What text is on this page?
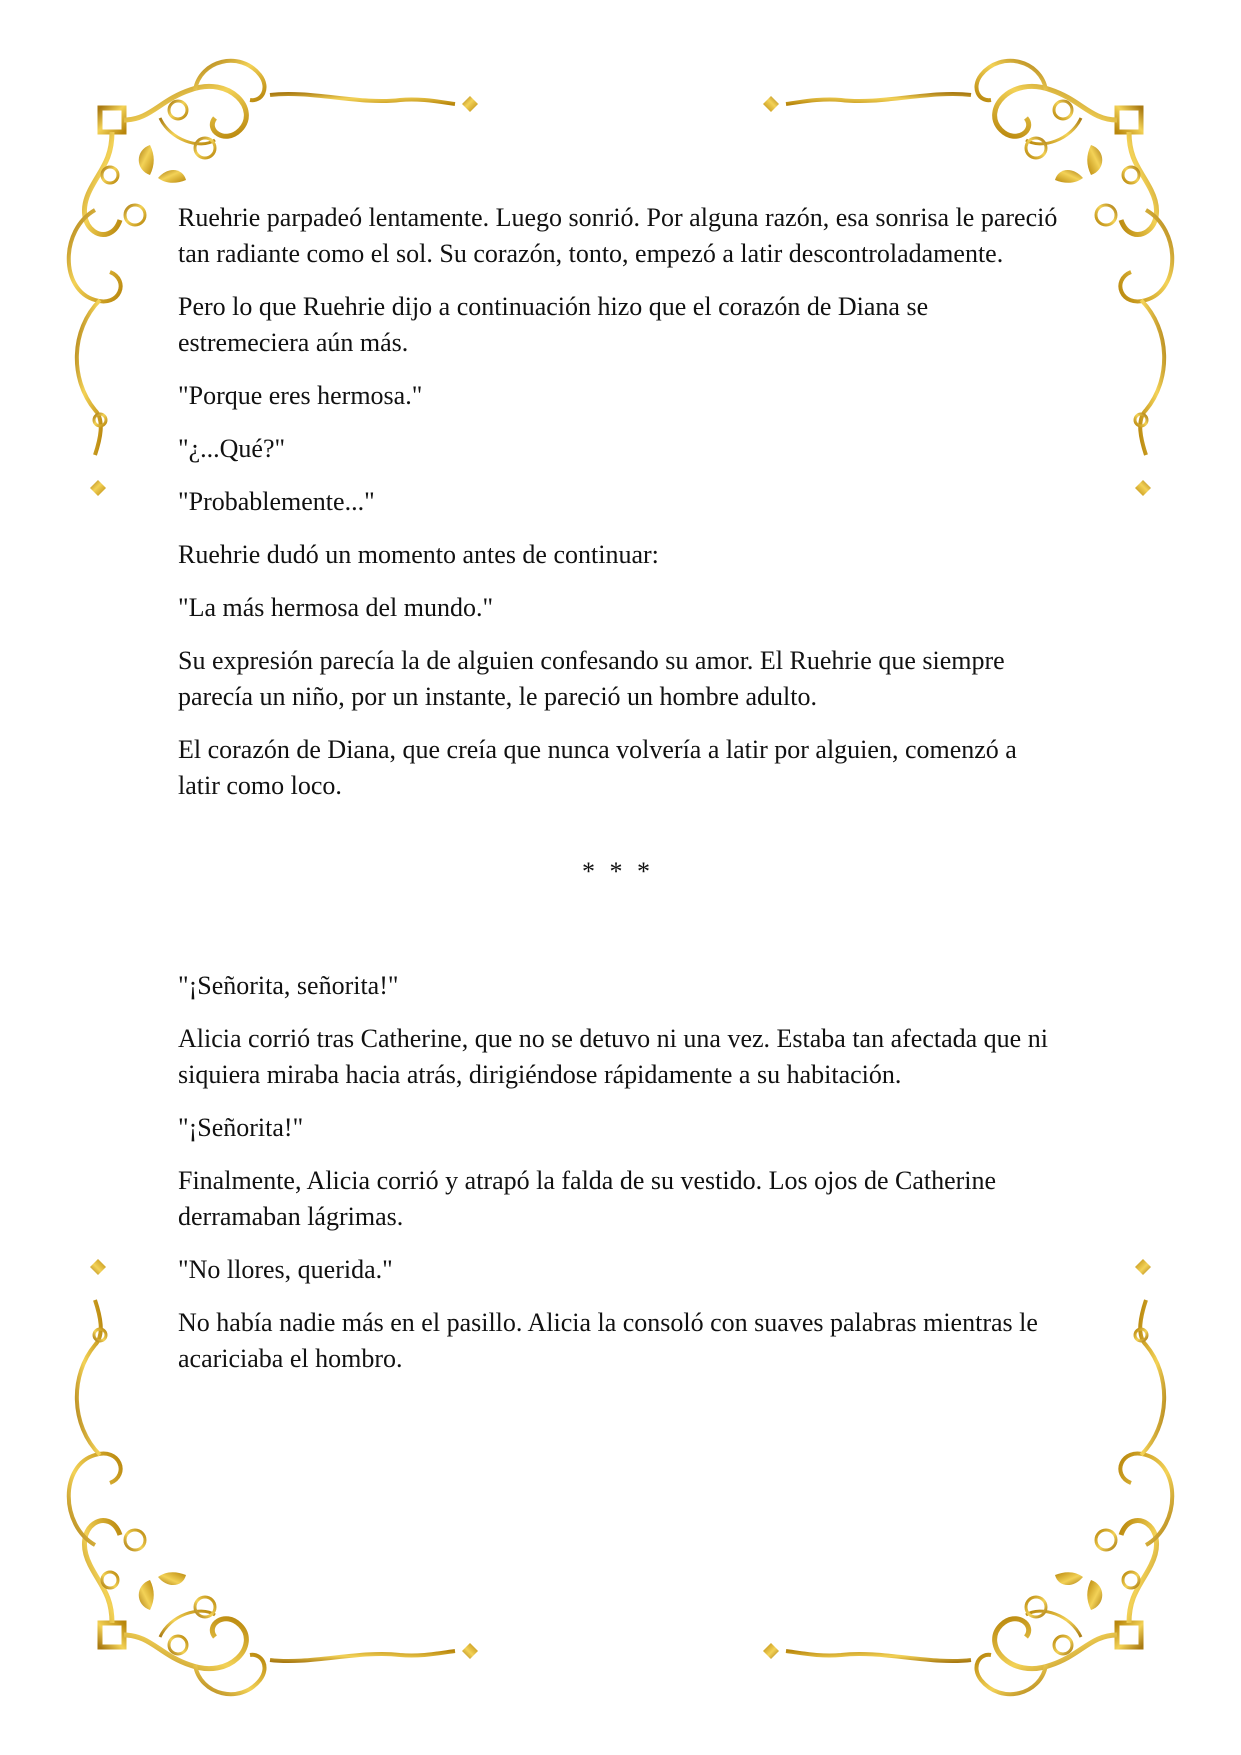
Ruehrie parpadeó lentamente. Luego sonrió. Por alguna razón, esa sonrisa le pareció tan radiante como el sol. Su corazón, tonto, empezó a latir descontroladamente.

Pero lo que Ruehrie dijo a continuación hizo que el corazón de Diana se estremeciera aún más.

"Porque eres hermosa."

"¿...Qué?"

"Probablemente..."

Ruehrie dudó un momento antes de continuar:

"La más hermosa del mundo."

Su expresión parecía la de alguien confesando su amor. El Ruehrie que siempre parecía un niño, por un instante, le pareció un hombre adulto.

El corazón de Diana, que creía que nunca volvería a latir por alguien, comenzó a latir como loco.

* * *

"¡Señorita, señorita!"

Alicia corrió tras Catherine, que no se detuvo ni una vez. Estaba tan afectada que ni siquiera miraba hacia atrás, dirigiéndose rápidamente a su habitación.

"¡Señorita!"

Finalmente, Alicia corrió y atrapó la falda de su vestido. Los ojos de Catherine derramaban lágrimas.

"No llores, querida."

No había nadie más en el pasillo. Alicia la consoló con suaves palabras mientras le acariciaba el hombro.
